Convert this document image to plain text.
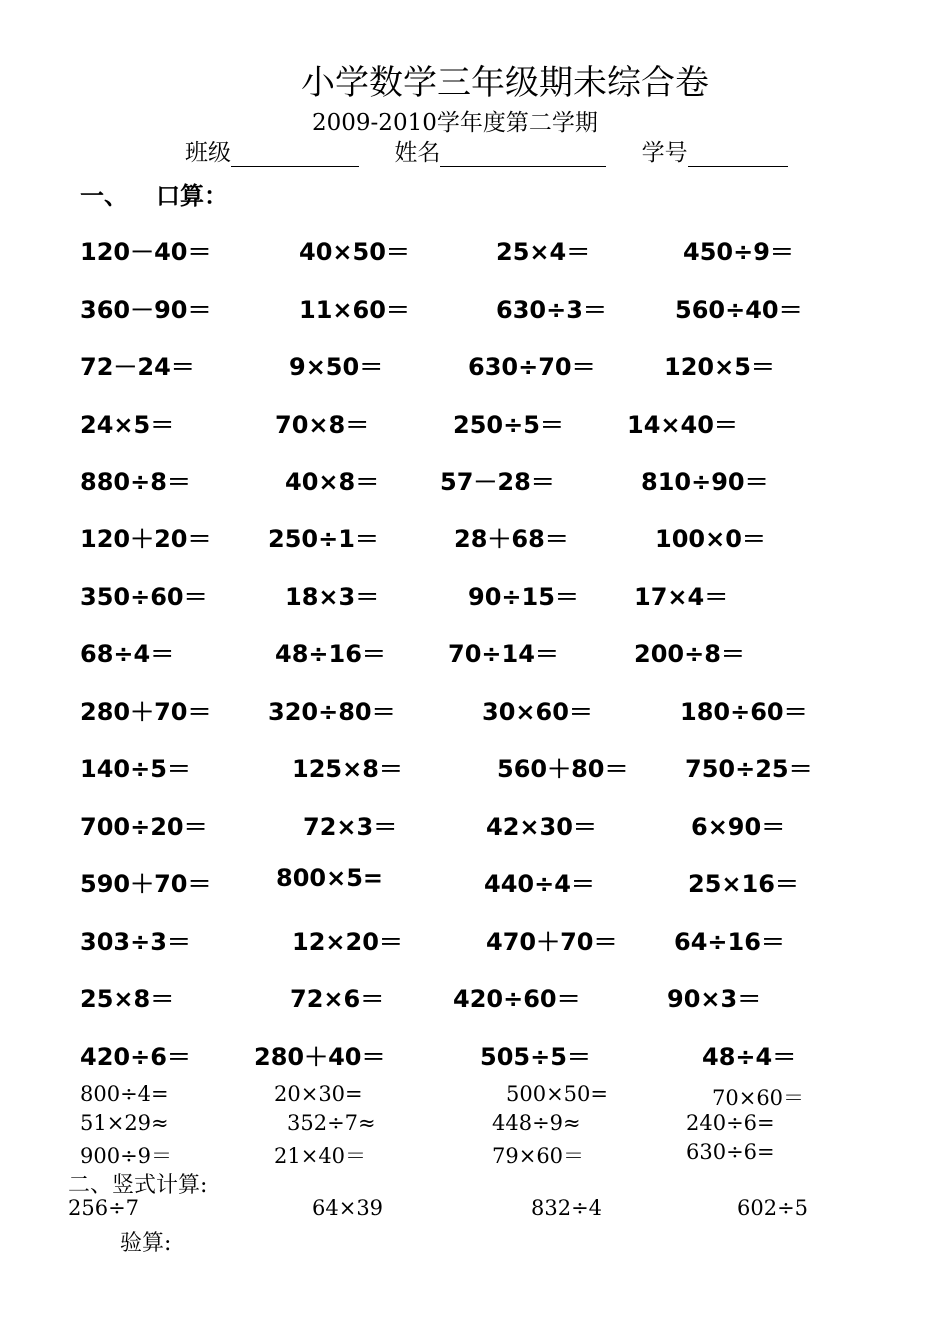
小学数学三年级期未综合卷
2009-2010学年度第二学期
班级	姓名	学号
一、 口算：
120－40＝	40×50＝	25×4＝	450÷9＝
360－90＝	11×60＝	630÷3＝	560÷40＝
72－24＝	9×50＝	630÷70＝	120×5＝
24×5＝	70×8＝	250÷5＝	14×40＝
880÷8＝	40×8＝	57－28＝	810÷90＝
120＋20＝ 250÷1＝	28＋68＝	100×0＝
350÷60＝	18×3＝	90÷15＝ 17×4＝
68÷4＝	48÷16＝	70÷14＝	200÷8＝
280＋70＝ 320÷80＝	30×60＝	180÷60＝
140÷5＝	125×8＝	560＋80＝ 750÷25＝
700÷20＝	72×3＝	42×30＝	6×90＝
590＋70＝	800×5=	440÷4＝	25×16＝
303÷3＝	12×20＝	470＋70＝ 64÷16＝
25×8＝	72×6＝	420÷60＝	90×3＝
420÷6＝	280＋40＝	505÷5＝	48÷4＝
800÷4=	20×30=	500×50=	70×60＝
51×29≈	352÷7≈	448÷9≈	240÷6=
900÷9＝	21×40＝	79×60＝	630÷6=
二、竖式计算:
256÷7	64×39	832÷4	602÷5
验算:
